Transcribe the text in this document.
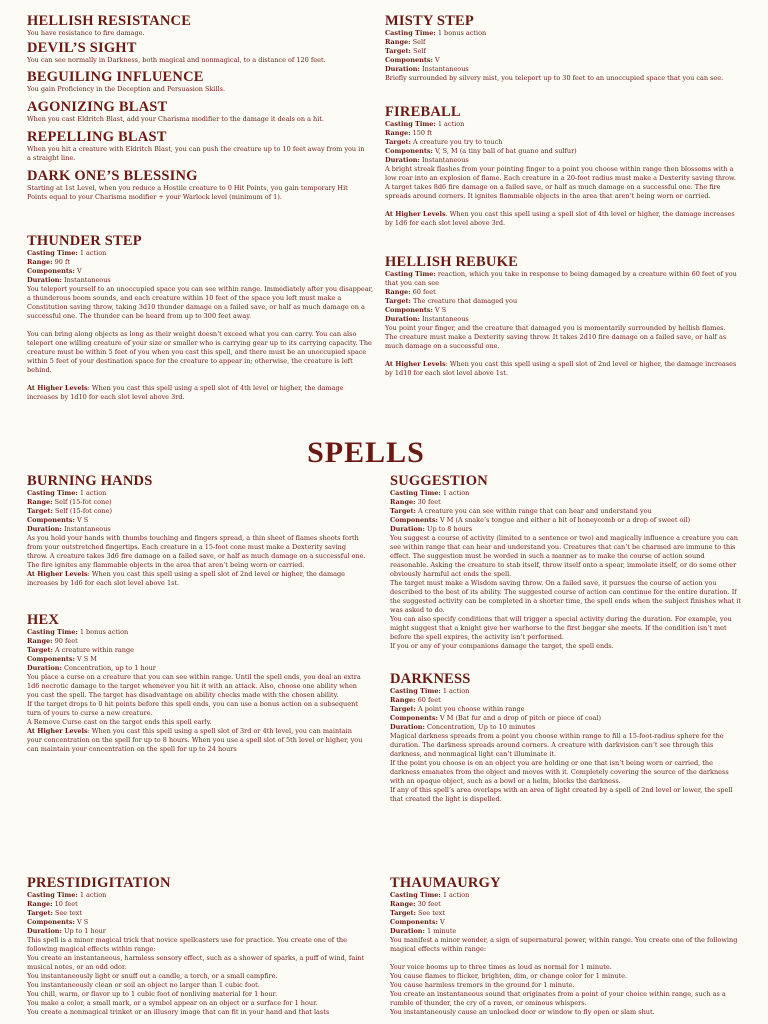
HELLISH RESISTANCE

You have resistance to fire damage.

DEVIL’S SIGHT

You can see normally in Darkness, both magical and nonmagical, to a distance of 120 feet.

BEGUILING INFLUENCE

You gain Proficiency in the Deception and Persuasion Skills.

AGONIZING BLAST

When you cast Eldritch Blast, add your Charisma modifier to the damage it deals on a hit.

REPELLING BLAST

When you hit a creature with Eldritch Blast, you can push the creature up to 10 feet away from you in a straight line.

DARK ONE’S BLESSING

Starting at 1st Level, when you reduce a Hostile creature to 0 Hit Points, you gain temporary Hit Points equal to your Charisma modifier + your Warlock level (minimum of 1).

THUNDER STEP

Casting Time: 1 action

Range: 90 ft

Components: V

Duration: Instantaneous

You teleport yourself to an unoccupied space you can see within range. Immediately after you disappear, a thunderous boom sounds, and each creature within 10 feet of the space you left must make a Constitution saving throw, taking 3d10 thunder damage on a failed save, or half as much damage on a successful one. The thunder can be heard from up to 300 feet away.

You can bring along objects as long as their weight doesn’t exceed what you can carry. You can also teleport one willing creature of your size or smaller who is carrying gear up to its carrying capacity. The creature must be within 5 feet of you when you cast this spell, and there must be an unoccupied space within 5 feet of your destination space for the creature to appear in; otherwise, the creature is left behind.

At Higher Levels: When you cast this spell using a spell slot of 4th level or higher, the damage increases by 1d10 for each slot level above 3rd.

MISTY STEP

Casting Time: 1 bonus action

Range: Self

Target: Self

Components: V

Duration: Instantaneous

Briefly surrounded by silvery mist, you teleport up to 30 feet to an unoccupied space that you can see.

FIREBALL

Casting Time: 1 action

Range: 150 ft

Target: A creature you try to touch

Components: V, S, M (a tiny ball of bat guano and sulfur)

Duration: Instantaneous

A bright streak flashes from your pointing finger to a point you choose within range then blossoms with a low roar into an explosion of flame. Each creature in a 20-foot radius must make a Dexterity saving throw. A target takes 8d6 fire damage on a failed save, or half as much damage on a successful one. The fire spreads around corners. It ignites flammable objects in the area that aren’t being worn or carried.

At Higher Levels. When you cast this spell using a spell slot of 4th level or higher, the damage increases by 1d6 for each slot level above 3rd.

HELLISH REBUKE

Casting Time: reaction, which you take in response to being damaged by a creature within 60 feet of you that you can see

Range: 60 feet

Target: The creature that damaged you

Components: V S

Duration: Instantaneous

You point your finger, and the creature that damaged you is momentarily surrounded by hellish flames. The creature must make a Dexterity saving throw. It takes 2d10 fire damage on a failed save, or half as much damage on a successful one.

At Higher Levels: When you cast this spell using a spell slot of 2nd level or higher, the damage increases by 1d10 for each slot level above 1st.

SPELLS
BURNING HANDS

Casting Time: 1 action

Range: Self (15-fot cone)

Target: Self (15-fot cone)

Components: V S

Duration: Instantaneous

As you hold your hands with thumbs touching and fingers spread, a thin sheet of flames shoots forth from your outstretched fingertips. Each creature in a 15-foot cone must make a Dexterity saving throw. A creature takes 3d6 fire damage on a failed save, or half as much damage on a successful one. The fire ignites any flammable objects in the area that aren’t being worn or carried.

At Higher Levels: When you cast this spell using a spell slot of 2nd level or higher, the damage increases by 1d6 for each slot level above 1st.

HEX

Casting Time: 1 bonus action

Range: 90 feet

Target: A creature within range

Components: V S M

Duration: Concentration, up to 1 hour

You place a curse on a creature that you can see within range. Until the spell ends, you deal an extra 1d6 necrotic damage to the target whenever you hit it with an attack. Also, choose one ability when you cast the spell. The target has disadvantage on ability checks made with the chosen ability.

If the target drops to 0 hit points before this spell ends, you can use a bonus action on a subsequent turn of yours to curse a new creature.

A Remove Curse cast on the target ends this spell early.

At Higher Levels: When you cast this spell using a spell slot of 3rd or 4th level, you can maintain your concentration on the spell for up to 8 hours. When you use a spell slot of 5th level or higher, you can maintain your concentration on the spell for up to 24 hours

SUGGESTION

Casting Time: 1 action

Range: 30 feet

Target: A creature you can see within range that can hear and understand you

Components: V M (A snake’s tongue and either a bit of honeycomb or a drop of sweet oil)

Duration: Up to 8 hours

You suggest a course of activity (limited to a sentence or two) and magically influence a creature you can see within range that can hear and understand you. Creatures that can’t be charmed are immune to this effect. The suggestion must be worded in such a manner as to make the course of action sound reasonable. Asking the creature to stab itself, throw itself onto a spear, immolate itself, or do some other obviously harmful act ends the spell.

The target must make a Wisdom saving throw. On a failed save, it pursues the course of action you described to the best of its ability. The suggested course of action can continue for the entire duration. If the suggested activity can be completed in a shorter time, the spell ends when the subject finishes what it was asked to do.

You can also specify conditions that will trigger a special activity during the duration. For example, you might suggest that a knight give her warhorse to the first beggar she meets. If the condition isn’t met before the spell expires, the activity isn’t performed.

If you or any of your companions damage the target, the spell ends.

DARKNESS

Casting Time: 1 action

Range: 60 feet

Target: A point you choose within range

Components: V M (Bat fur and a drop of pitch or piece of coal)

Duration: Concentration, Up to 10 minutes

Magical darkness spreads from a point you choose within range to fill a 15-foot-radius sphere for the duration. The darkness spreads around corners. A creature with darkvision can’t see through this darkness, and nonmagical light can’t illuminate it.

If the point you choose is on an object you are holding or one that isn’t being worn or carried, the darkness emanates from the object and moves with it. Completely covering the source of the darkness with an opaque object, such as a bowl or a helm, blocks the darkness.

If any of this spell’s area overlaps with an area of light created by a spell of 2nd level or lower, the spell that created the light is dispelled.

PRESTIDIGITATION

Casting Time: 1 action

Range: 10 feet

Target: See text

Components: V S

Duration: Up to 1 hour

This spell is a minor magical trick that novice spellcasters use for practice. You create one of the following magical effects within range:

You create an instantaneous, harmless sensory effect, such as a shower of sparks, a puff of wind, faint musical notes, or an odd odor.

You instantaneously light or snuff out a candle, a torch, or a small campfire.

You instantaneously clean or soil an object no larger than 1 cubic foot.

You chill, warm, or flavor up to 1 cubic foot of nonliving material for 1 hour.

You make a color, a small mark, or a symbol appear on an object or a surface for 1 hour.

You create a nonmagical trinket or an illusory image that can fit in your hand and that lasts

THAUMAURGY

Casting Time: 1 action

Range: 30 feet

Target: See text

Components: V

Duration: 1 minute

You manifest a minor wonder, a sign of supernatural power, within range. You create one of the following magical effects within range:

Your voice booms up to three times as loud as normal for 1 minute.

You cause flames to flicker, brighten, dim, or change color for 1 minute.

You cause harmless tremors in the ground for 1 minute.

You create an instantaneous sound that originates from a point of your choice within range, such as a rumble of thunder, the cry of a raven, or ominous whispers.

You instantaneously cause an unlocked door or window to fly open or slam shut.
